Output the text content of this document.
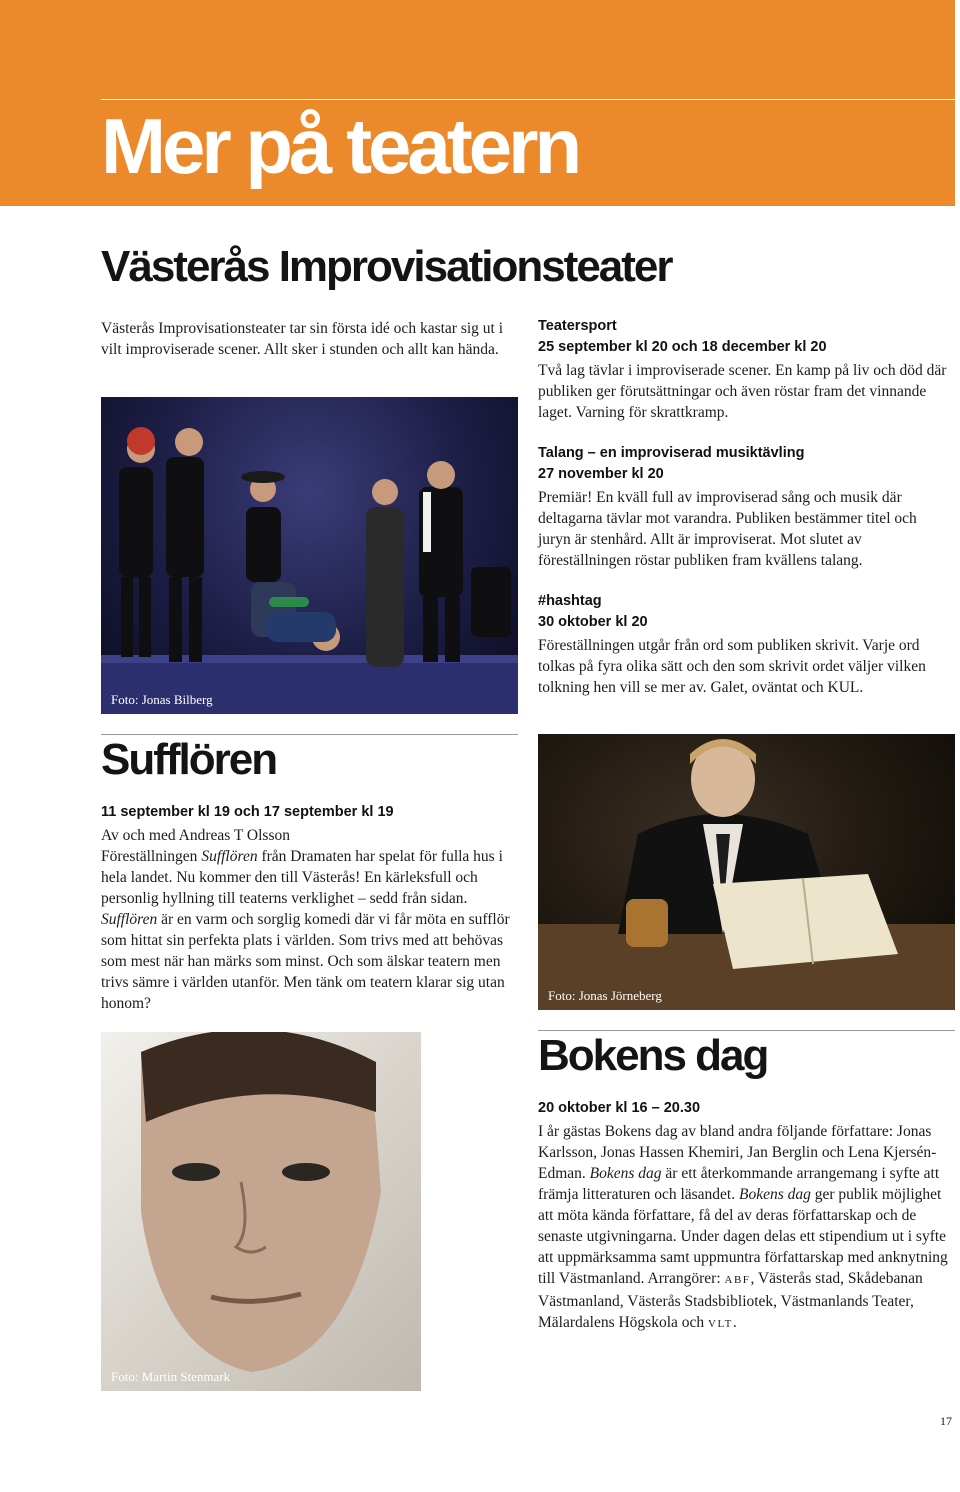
Mer på teatern
Västerås Improvisationsteater

Västerås Improvisationsteater tar sin första idé och kastar sig ut i vilt improviserade scener. Allt sker i stunden och allt kan hända.

Foto: Jonas Bilberg
Teatersport
25 september kl 20 och 18 december kl 20

Två lag tävlar i improviserade scener. En kamp på liv och död där publiken ger förutsättningar och även röstar fram det vinnande laget. Varning för skrattkramp.

Talang – en improviserad musiktävling
27 november kl 20

Premiär! En kväll full av improviserad sång och musik där deltagarna tävlar mot varandra. Publiken bestämmer titel och juryn är stenhård. Allt är improviserat. Mot slutet av föreställningen röstar publiken fram kvällens talang.

#hashtag
30 oktober kl 20

Föreställningen utgår från ord som publiken skrivit. Varje ord tolkas på fyra olika sätt och den som skrivit ordet väljer vilken tolkning hen vill se mer av. Galet, oväntat och KUL.

Sufflören
11 september kl 19 och 17 september kl 19

Av och med Andreas T Olsson

Föreställningen Sufflören från Dramaten har spelat för fulla hus i hela landet. Nu kommer den till Västerås! En kärleksfull och personlig hyllning till teaterns verklighet – sedd från sidan. Sufflören är en varm och sorglig komedi där vi får möta en sufflör som hittat sin perfekta plats i världen. Som trivs med att behövas som mest när han märks som minst. Och som älskar teatern men trivs sämre i världen utanför. Men tänk om teatern klarar sig utan honom?	Foto: Jonas Jörneberg
Foto: Martin Stenmark
Bokens dag
20 oktober kl 16 – 20.30

I år gästas Bokens dag av bland andra följande författare: Jonas Karlsson, Jonas Hassen Khemiri, Jan Berglin och Lena Kjersén-Edman. Bokens dag är ett återkommande arrangemang i syfte att främja litteraturen och läsandet. Bokens dag ger publik möjlighet att möta kända författare, få del av deras författarskap och de senaste utgivningarna. Under dagen delas ett stipendium ut i syfte att uppmärksamma samt uppmuntra författarskap med anknytning till Västmanland. Arrangörer: ABF, Västerås stad, Skådebanan Västmanland, Västerås Stadsbibliotek, Västmanlands Teater, Mälardalens Högskola och VLT.

17
